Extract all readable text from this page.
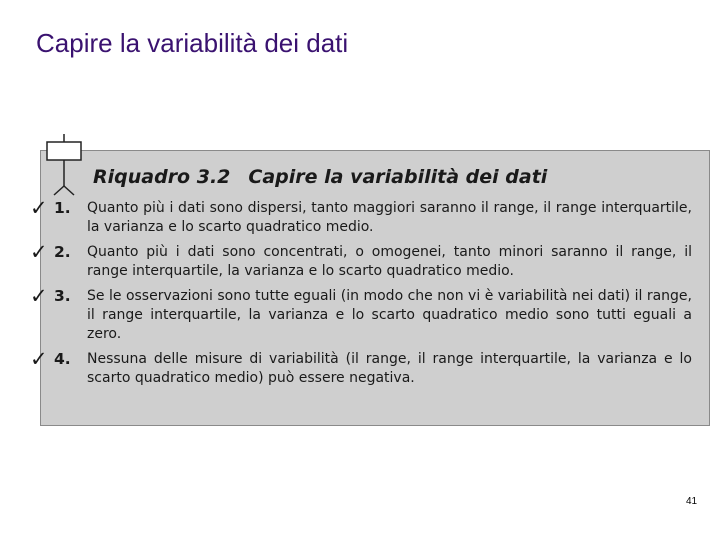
Capire la variabilità dei dati
Riquadro 3.2 Capire la variabilità dei dati
✓ 1.	Quanto più i dati sono dispersi, tanto maggiori saranno il range, il range interquartile, la varianza e lo scarto quadratico medio.
✓ 2.	Quanto più i dati sono concentrati, o omogenei, tanto minori saranno il range, il range interquartile, la varianza e lo scarto quadratico medio.
✓ 3.	Se le osservazioni sono tutte eguali (in modo che non vi è variabilità nei dati) il range, il range interquartile, la varianza e lo scarto quadratico medio sono tutti eguali a zero.
✓ 4.	Nessuna delle misure di variabilità (il range, il range interquartile, la varianza e lo scarto quadratico medio) può essere negativa.
41
